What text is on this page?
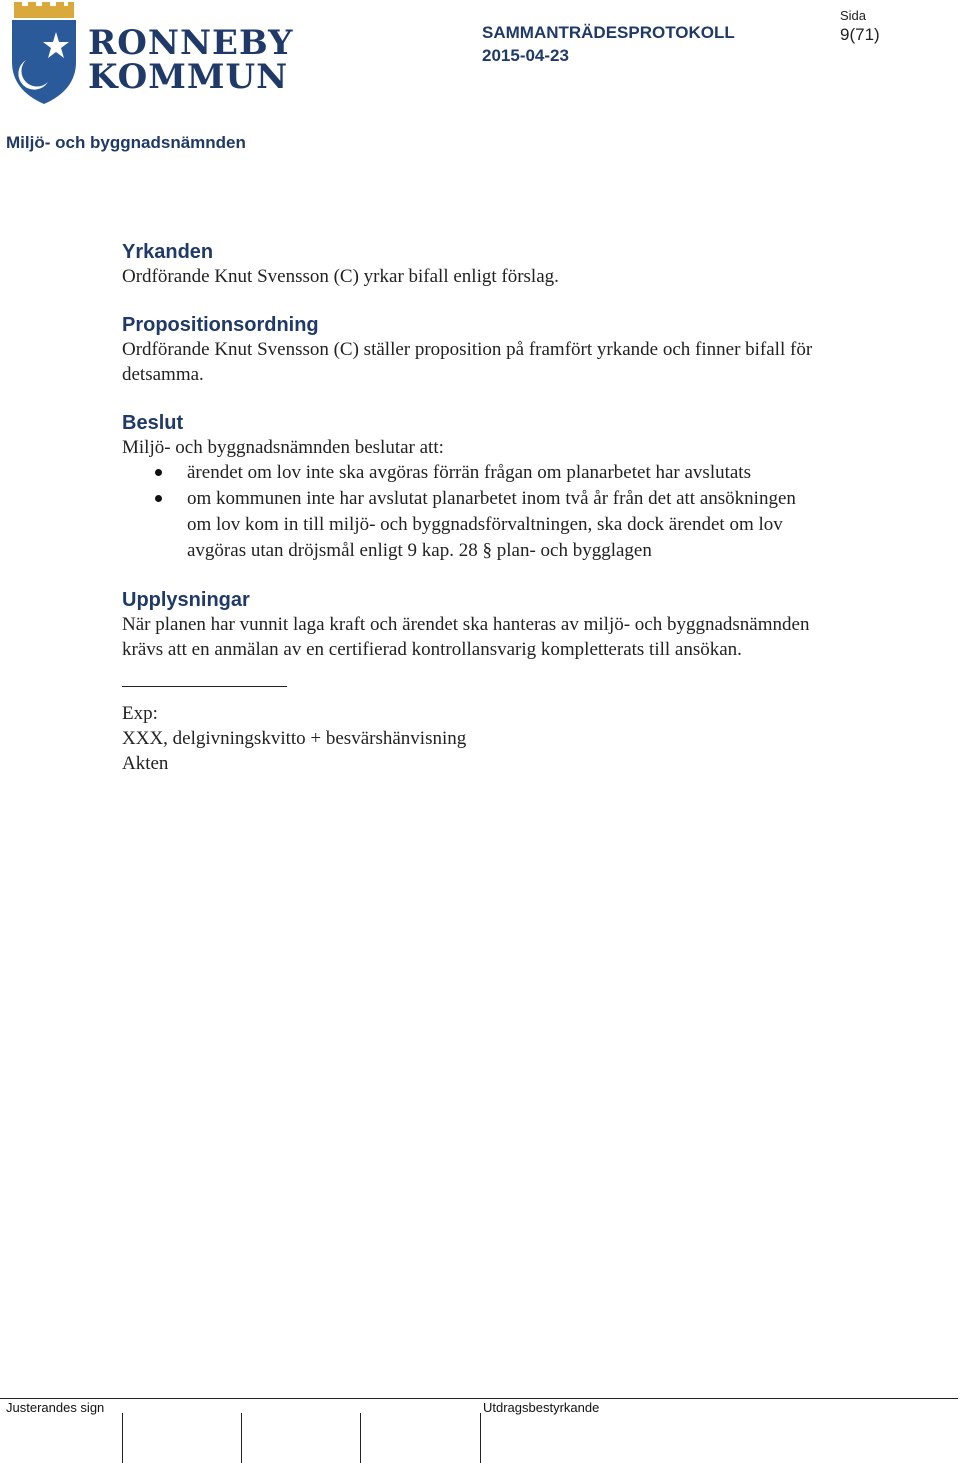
RONNEBY
KOMMUN
SAMMANTRÄDESPROTOKOLL
2015-04-23
Sida
9(71)
Miljö- och byggnadsnämnden
Yrkanden

Ordförande Knut Svensson (C) yrkar bifall enligt förslag.

Propositionsordning

Ordförande Knut Svensson (C) ställer proposition på framfört yrkande och finner bifall för detsamma.

Beslut

Miljö- och byggnadsnämnden beslutar att:

ärendet om lov inte ska avgöras förrän frågan om planarbetet har avslutats
om kommunen inte har avslutat planarbetet inom två år från det att ansökningen om lov kom in till miljö- och byggnadsförvaltningen, ska dock ärendet om lov avgöras utan dröjsmål enligt 9 kap. 28 § plan- och bygglagen
Upplysningar

När planen har vunnit laga kraft och ärendet ska hanteras av miljö- och byggnadsnämnden krävs att en anmälan av en certifierad kontrollansvarig kompletterats till ansökan.

Exp:

XXX, delgivningskvitto + besvärshänvisning

Akten

Justerandes sign	Utdragsbestyrkande
